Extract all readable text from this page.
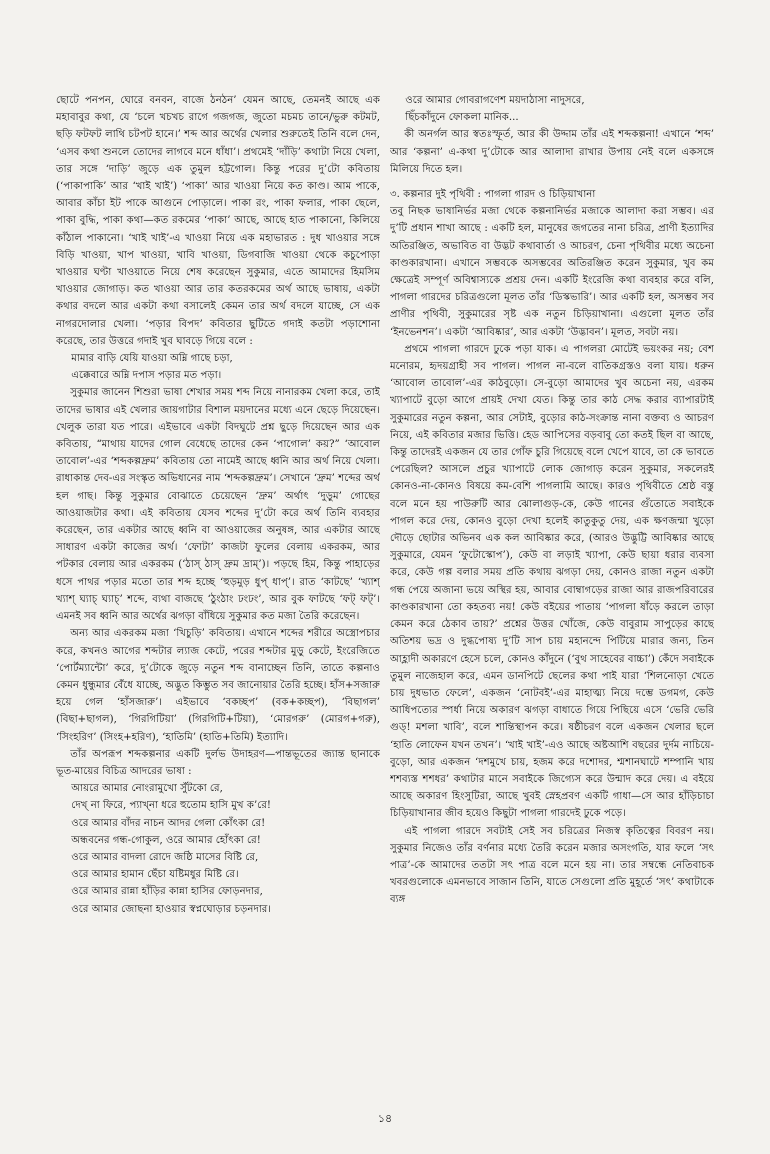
ছোটে পনপন, ঘোরে বনবন, বাজে ঠনঠন’ যেমন আছে, তেমনই আছে এক মহাবাবুর কথা, যে ‘চলে খচখচ রাগে গজগজ, জুতো মচমচ তানে/ভুরু কটমট, ছড়ি ফটফট লাথি চটপট হানে।’ শব্দ আর অর্থের খেলার শুরুতেই তিনি বলে দেন, ‘এসব কথা শুনলে তোদের লাগবে মনে ধাঁধা’। প্রথমেই ‘দাঁড়ি’ কথাটা নিয়ে খেলা, তার সঙ্গে ‘দাড়ি’ জুড়ে এক তুমুল হট্টগোল। কিন্তু পরের দু’টো কবিতায় (‘পাকাপাকি’ আর ‘খাই খাই’) ‘পাকা’ আর খাওয়া নিয়ে কত কাণ্ড। আম পাকে, আবার কাঁচা ইট পাকে আগুনে পোড়ালে। পাকা রং, পাকা ফলার, পাকা ছেলে, পাকা বুদ্ধি, পাকা কথা—কত রকমের ‘পাকা’ আছে, আছে হাত পাকানো, কিলিয়ে কাঁঠাল পাকানো। ‘খাই খাই’-এ খাওয়া নিয়ে এক মহাভারত : দুধ খাওয়ার সঙ্গে বিড়ি খাওয়া, খাপ খাওয়া, খাবি খাওয়া, ডিগবাজি খাওয়া থেকে কচুপোড়া খাওয়ার ঘণ্টা খাওয়াতে নিয়ে শেষ করেছেন সুকুমার, এতে আমাদের হিমসিম খাওয়ার জোগাড়। কত খাওয়া আর তার কতরকমের অর্থ আছে ভাষায়, একটা কথার বদলে আর একটা কথা বসালেই কেমন তার অর্থ বদলে যাচ্ছে, সে এক নাগরদোলার খেলা। ‘পড়ার বিপদ’ কবিতার ছুটিতে গদাই কতটা পড়াশোনা করেছে, তার উত্তরে গদাই খুব ঘাবড়ে গিয়ে বলে :

মামার বাড়ি যেয়ি যাওয়া অম্নি গাছে চড়া,

এক্কেবারে অম্নি দপাস পড়ার মত পড়া।

সুকুমার জানেন শিশুরা ভাষা শেখার সময় শব্দ নিয়ে নানারকম খেলা করে, তাই তাদের ভাষার এই খেলার জায়গাটার বিশাল ময়দানের মধ্যে এনে ছেড়ে দিয়েছেন। খেলুক তারা যত পারে। এইভাবে একটা বিদঘুটে প্রশ্ন ছুড়ে দিয়েছেন আর এক কবিতায়, “মাথায় যাদের গোল বেধেছে তাদের কেন ‘পাগোল’ কয়?” ‘আবোল তাবোল’-এর ‘শব্দকল্পদ্রুম’ কবিতায় তো নামেই আছে ধ্বনি আর অর্থ নিয়ে খেলা। রাধাকান্ত দেব-এর সংস্কৃত অভিধানের নাম ‘শব্দকল্পদ্রুম’। সেখানে ‘দ্রুম’ শব্দের অর্থ হল গাছ। কিন্তু সুকুমার বোঝাতে চেয়েছেন ‘দ্রুম’ অর্থাৎ ‘দুড়ুম’ গোছের আওয়াজটার কথা। এই কবিতায় যেসব শব্দের দু’টো করে অর্থ তিনি ব্যবহার করেছেন, তার একটার আছে ধ্বনি বা আওয়াজের অনুষঙ্গ, আর একটার আছে সাধারণ একটা কাজের অর্থ। ‘ফোটা’ কাজটা ফুলের বেলায় একরকম, আর পটকার বেলায় আর একরকম (‘ঠাস্ ঠাস্ দ্রুম দ্রাম্’)। পড়ছে হিম, কিন্তু পাহাড়ের ধসে পাথর পড়ার মতো তার শব্দ হচ্ছে ‘হুড়মুড় ধুপ্ ধাপ্’। রাত ‘কাটছে’ ‘খ্যাশ্ খ্যাশ্ ঘ্যাচ্ ঘ্যাচ্’ শব্দে, ব্যথা বাজছে ‘ঠুংঠাং ঢংঢং’, আর বুক ফাটছে ‘ফট্ ফট্’। এমনই সব ধ্বনি আর অর্থের ঝগড়া বাঁধিয়ে সুকুমার কত মজা তৈরি করেছেন।

অন্য আর একরকম মজা ‘খিচুড়ি’ কবিতায়। এখানে শব্দের শরীরে অস্ত্রোপচার করে, কখনও আগের শব্দটার ল্যাজ কেটে, পরের শব্দটার মুড়ু কেটে, ইংরেজিতে ‘পোর্টম্যান্টো’ করে, দু’টোকে জুড়ে নতুন শব্দ বানাচ্ছেন তিনি, তাতে কল্পনাও কেমন ধুন্ধুমার বেঁধে যাচ্ছে, অদ্ভুত কিম্ভুত সব জানোয়ার তৈরি হচ্ছে। হাঁস+সজারু হয়ে গেল ‘হাঁসজারু’। এইভাবে ‘বকচ্ছপ’ (বক+কচ্ছপ), ‘বিছাগল’ (বিছা+ছাগল), ‘গিরগিটিয়া’ (গিরগিটি+টিয়া), ‘মোরগরু’ (মোরগ+গরু), ‘সিংহরিণ’ (সিংহ+হরিণ), ‘হাতিমি’ (হাতি+তিমি) ইত্যাদি।

তাঁর অপরূপ শব্দকল্পনার একটি দুর্লভ উদাহরণ—পান্তভূতের জ্যান্ত ছানাকে ভূত-মায়ের বিচিত্র আদরের ভাষা :

আয়রে আমার নোংরামুখো সুঁটকো রে,

দেখ্ না ফিরে, প্যাখ্না ধরে হুতোম হাসি মুখ ক’রে!

ওরে আমার বাঁদর নাচন আদর গেলা কোঁৎকা রে!

অন্ধবনের গন্ধ-গোকুল, ওরে আমার হোঁৎকা রে!

ওরে আমার বাদলা রোদে জষ্ঠি মাসের বিষ্টি রে,

ওরে আমার হামান ছেঁচা যষ্টিমধুর মিষ্টি রে।

ওরে আমার রান্না হাঁড়ির কান্না হাসির ফোড়নদার,

ওরে আমার জোছনা হাওয়ার স্বপ্নঘোড়ার চড়নদার।

ওরে আমার গোবরাগণেশ ময়দাঠাসা নাদুসরে,

ছিঁচকাঁদুনে ফোকলা মানিক...

কী অনর্গল আর স্বতঃস্ফূর্ত, আর কী উদ্দাম তাঁর এই শব্দকল্পনা! এখানে ‘শব্দ’ আর ‘কল্পনা’ এ-কথা দু’টোকে আর আলাদা রাখার উপায় নেই বলে একসঙ্গে মিলিয়ে দিতে হল।

৩. কল্পনার দুই পৃথিবী : পাগলা গারদ ও চিড়িয়াখানা

তবু নিছক ভাষানির্ভর মজা থেকে কল্পনানির্ভর মজাকে আলাদা করা সম্ভব। এর দু’টি প্রধান শাখা আছে : একটি হল, মানুষের জগতের নানা চরিত্র, প্রাণী ইত্যাদির অতিরঞ্জিত, অভাবিত বা উদ্ভট কথাবার্তা ও আচরণ, চেনা পৃথিবীর মধ্যে অচেনা কাণ্ডকারখানা। এখানে সম্ভবকে অসম্ভবের অতিরঞ্জিত করেন সুকুমার, খুব কম ক্ষেত্রেই সম্পূর্ণ অবিশ্বাস্যকে প্রশ্রয় দেন। একটি ইংরেজি কথা ব্যবহার করে বলি, পাগলা গারদের চরিত্রগুলো মূলত তাঁর ‘ডিস্কভারি’। আর একটি হল, অসম্ভব সব প্রাণীর পৃথিবী, সুকুমারের সৃষ্ট এক নতুন চিড়িয়াখানা। এগুলো মূলত তাঁর ‘ইনভেনশন’। একটা ‘আবিষ্কার’, আর একটা ‘উদ্ভাবন’। মূলত, সবটা নয়।

প্রথমে পাগলা গারদে ঢুকে পড়া যাক। এ পাগলরা মোটেই ভয়ংকর নয়; বেশ মনোরম, হৃদয়গ্রাহী সব পাগল। পাগল না-বলে বাতিকগ্রস্তও বলা যায়। ধরুন ‘আবোল তাবোল’-এর কাঠবুড়ো। সে-বুড়ো আমাদের খুব অচেনা নয়, এরকম খ্যাপাটে বুড়ো আগে প্রায়ই দেখা যেত। কিন্তু তার কাঠ সেদ্ধ করার ব্যাপারটাই সুকুমারের নতুন কল্পনা, আর সেটাই, বুড়োর কাঠ-সংক্রান্ত নানা বক্তব্য ও আচরণ নিয়ে, এই কবিতার মজার ভিত্তি। হেড আপিসের বড়বাবু তো কতই ছিল বা আছে, কিন্তু তাদেরই একজন যে তার গোঁফ চুরি গিয়েছে বলে খেপে যাবে, তা কে ভাবতে পেরেছিল? আসলে প্রচুর খ্যাপাটে লোক জোগাড় করেন সুকুমার, সকলেরই কোনও-না-কোনও বিষয়ে কম-বেশি পাগলামি আছে। কারও পৃথিবীতে শ্রেষ্ঠ বস্তু বলে মনে হয় পাউরুটি আর ঝোলাগুড়-কে, কেউ গানের গুঁতোতে সবাইকে পাগল করে দেয়, কোনও বুড়ো দেখা হলেই কাতুকুতু দেয়, এক ক্ষণজন্মা খুড়ো দৌড়ে ছোটার অভিনব এক কল আবিষ্কার করে, (আরও উদ্ভুট্টি আবিষ্কার আছে সুকুমারে, যেমন ‘ফুটোস্কোপ’), কেউ বা লড়াই খ্যাপা, কেউ ছায়া ধরার ব্যবসা করে, কেউ গল্প বলার সময় প্রতি কথায় ঝগড়া দেয়, কোনও রাজা নতুন একটা গন্ধ পেয়ে অজানা ভয়ে অস্থির হয়, আবার বোম্বাগড়ের রাজা আর রাজপরিবারের কাণ্ডকারখানা তো কহতব্য নয়! কেউ বইয়ের পাতায় ‘পাগলা ষাঁড়ে করলে তাড়া কেমন করে ঠেকাব তায়?’ প্রশ্নের উত্তর খোঁজে, কেউ বাবুরাম সাপুড়ের কাছে অতিশয় ভদ্র ও দুগ্ধপোষ্য দু’টি সাপ চায় মহানন্দে পিটিয়ে মারার জন্য, তিন আহ্লাদী অকারণে হেসে চলে, কোনও কাঁদুনে (‘বুথ সাহেবের বাচ্চা’) কেঁদে সবাইকে তুমুল নাজেহাল করে, এমন ডানপিটে ছেলের কথা পাই যারা ‘শিলনোড়া খেতে চায় দুধভাত ফেলে’, একজন ‘নোটবই’-এর মাহাত্ম্য নিয়ে দম্ভে ডগমগ, কেউ আধিপত্যের স্পর্ধা নিয়ে অকারণ ঝগড়া বাধাতে গিয়ে পিছিয়ে এসে ‘ভেরি ভেরি গুড্! মশলা খাবি’, বলে শান্তিস্থাপন করে। ষষ্ঠীচরণ বলে একজন খেলার ছলে ‘হাতি লোফেন যখন তখন’। ‘খাই খাই’-এও আছে অষ্টআশি বছরের দুর্দম নাচিয়ে-বুড়ো, আর একজন ‘দশমুখে চায়, হজম করে দশোদর, শ্মশানঘাটে শম্পানি খায় শশব্যস্ত শশধর’ কথাটার মানে সবাইকে জিগ্যেস করে উন্মাদ করে দেয়। এ বইয়ে আছে অকারণ হিংসুটিরা, আছে খুবই স্নেহপ্রবণ একটি গাধা—সে আর হাঁড়িচাচা চিড়িয়াখানার জীব হয়েও কিছুটা পাগলা গারদেই ঢুকে পড়ে।

এই পাগলা গারদে সবটাই সেই সব চরিত্রের নিজস্ব কৃতিত্বের বিবরণ নয়। সুকুমার নিজেও তাঁর বর্ণনার মধ্যে তৈরি করেন মজার অসংগতি, যার ফলে ‘সৎ পাত্র’-কে আমাদের ততটা সৎ পাত্র বলে মনে হয় না। তার সম্বন্ধে নেতিবাচক খবরগুলোকে এমনভাবে সাজান তিনি, যাতে সেগুলো প্রতি মুহূর্তে ‘সৎ’ কথাটাকে ব্যঙ্গ

১৪
